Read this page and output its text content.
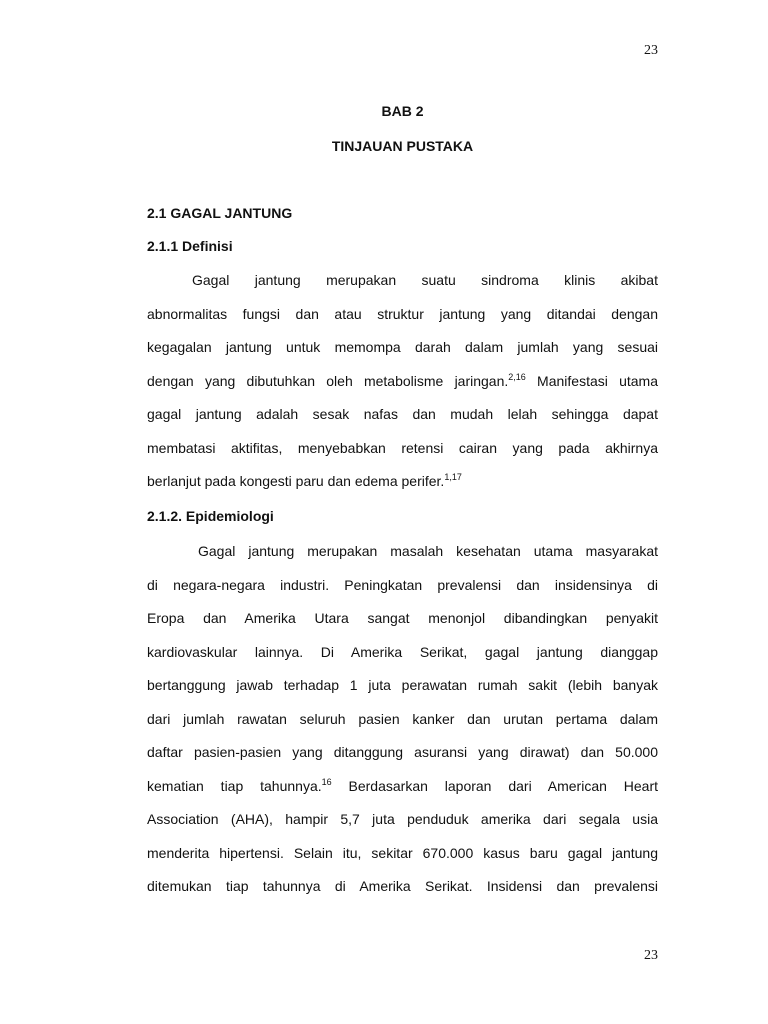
23
BAB 2
TINJAUAN PUSTAKA
2.1 GAGAL JANTUNG
2.1.1 Definisi
Gagal jantung merupakan suatu sindroma klinis akibat
abnormalitas fungsi dan atau struktur jantung yang ditandai dengan
kegagalan jantung untuk memompa darah dalam jumlah yang sesuai
dengan yang dibutuhkan oleh metabolisme jaringan.$^{2,16}$ Manifestasi utama
gagal jantung adalah sesak nafas dan mudah lelah sehingga dapat
membatasi aktifitas, menyebabkan retensi cairan yang pada akhirnya
berlanjut pada kongesti paru dan edema perifer.$^{1,17}$
2.1.2. Epidemiologi
Gagal jantung merupakan masalah kesehatan utama masyarakat
di negara-negara industri. Peningkatan prevalensi dan insidensinya di
Eropa dan Amerika Utara sangat menonjol dibandingkan penyakit
kardiovaskular lainnya. Di Amerika Serikat, gagal jantung dianggap
bertanggung jawab terhadap 1 juta perawatan rumah sakit (lebih banyak
dari jumlah rawatan seluruh pasien kanker dan urutan pertama dalam
daftar pasien-pasien yang ditanggung asuransi yang dirawat) dan 50.000
kematian tiap tahunnya.$^{16}$ Berdasarkan laporan dari American Heart
Association (AHA), hampir 5,7 juta penduduk amerika dari segala usia
menderita hipertensi. Selain itu, sekitar 670.000 kasus baru gagal jantung
ditemukan tiap tahunnya di Amerika Serikat. Insidensi dan prevalensi
23
